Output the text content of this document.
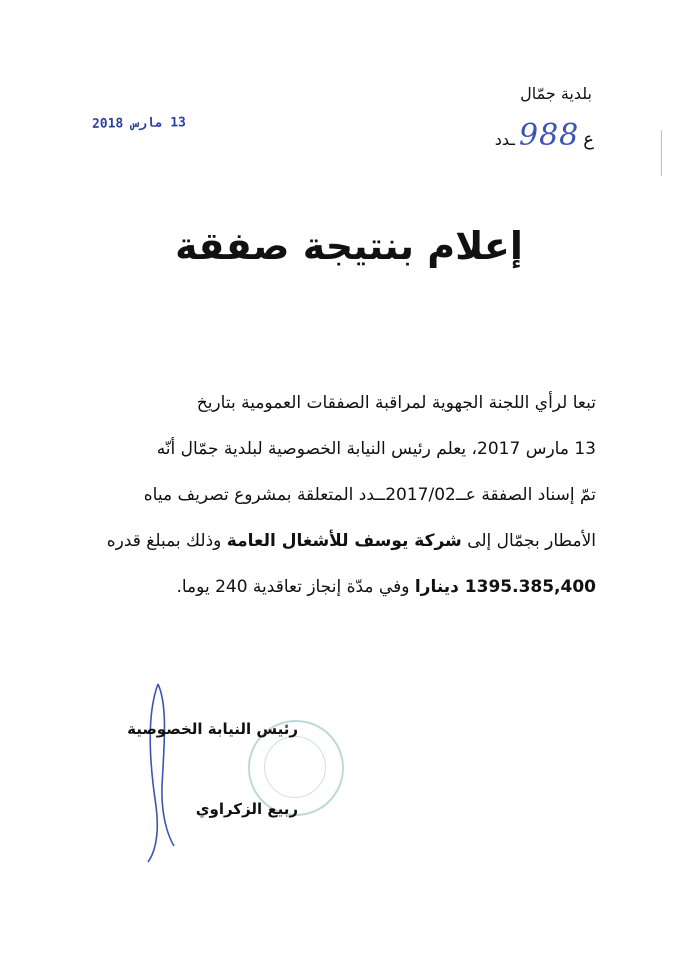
بلدية جمّال
13 مارس 2018
ع
988
ـدد
إعلام بنتيجة صفقة
تبعا لرأي اللجنة الجهوية لمراقبة الصفقات العمومية بتاريخ
13 مارس 2017، يعلم رئيس النيابة الخصوصية لبلدية جمّال أنّه
تمّ إسناد الصفقة عــ2017/02ــدد المتعلقة بمشروع تصريف مياه
الأمطار بجمّال إلى شركة يوسف للأشغال العامة وذلك بمبلغ قدره
1395.385,400 دينارا وفي مدّة إنجاز تعاقدية 240 يوما.
رئيس النيابة الخصوصية
ربيع الزكراوي
